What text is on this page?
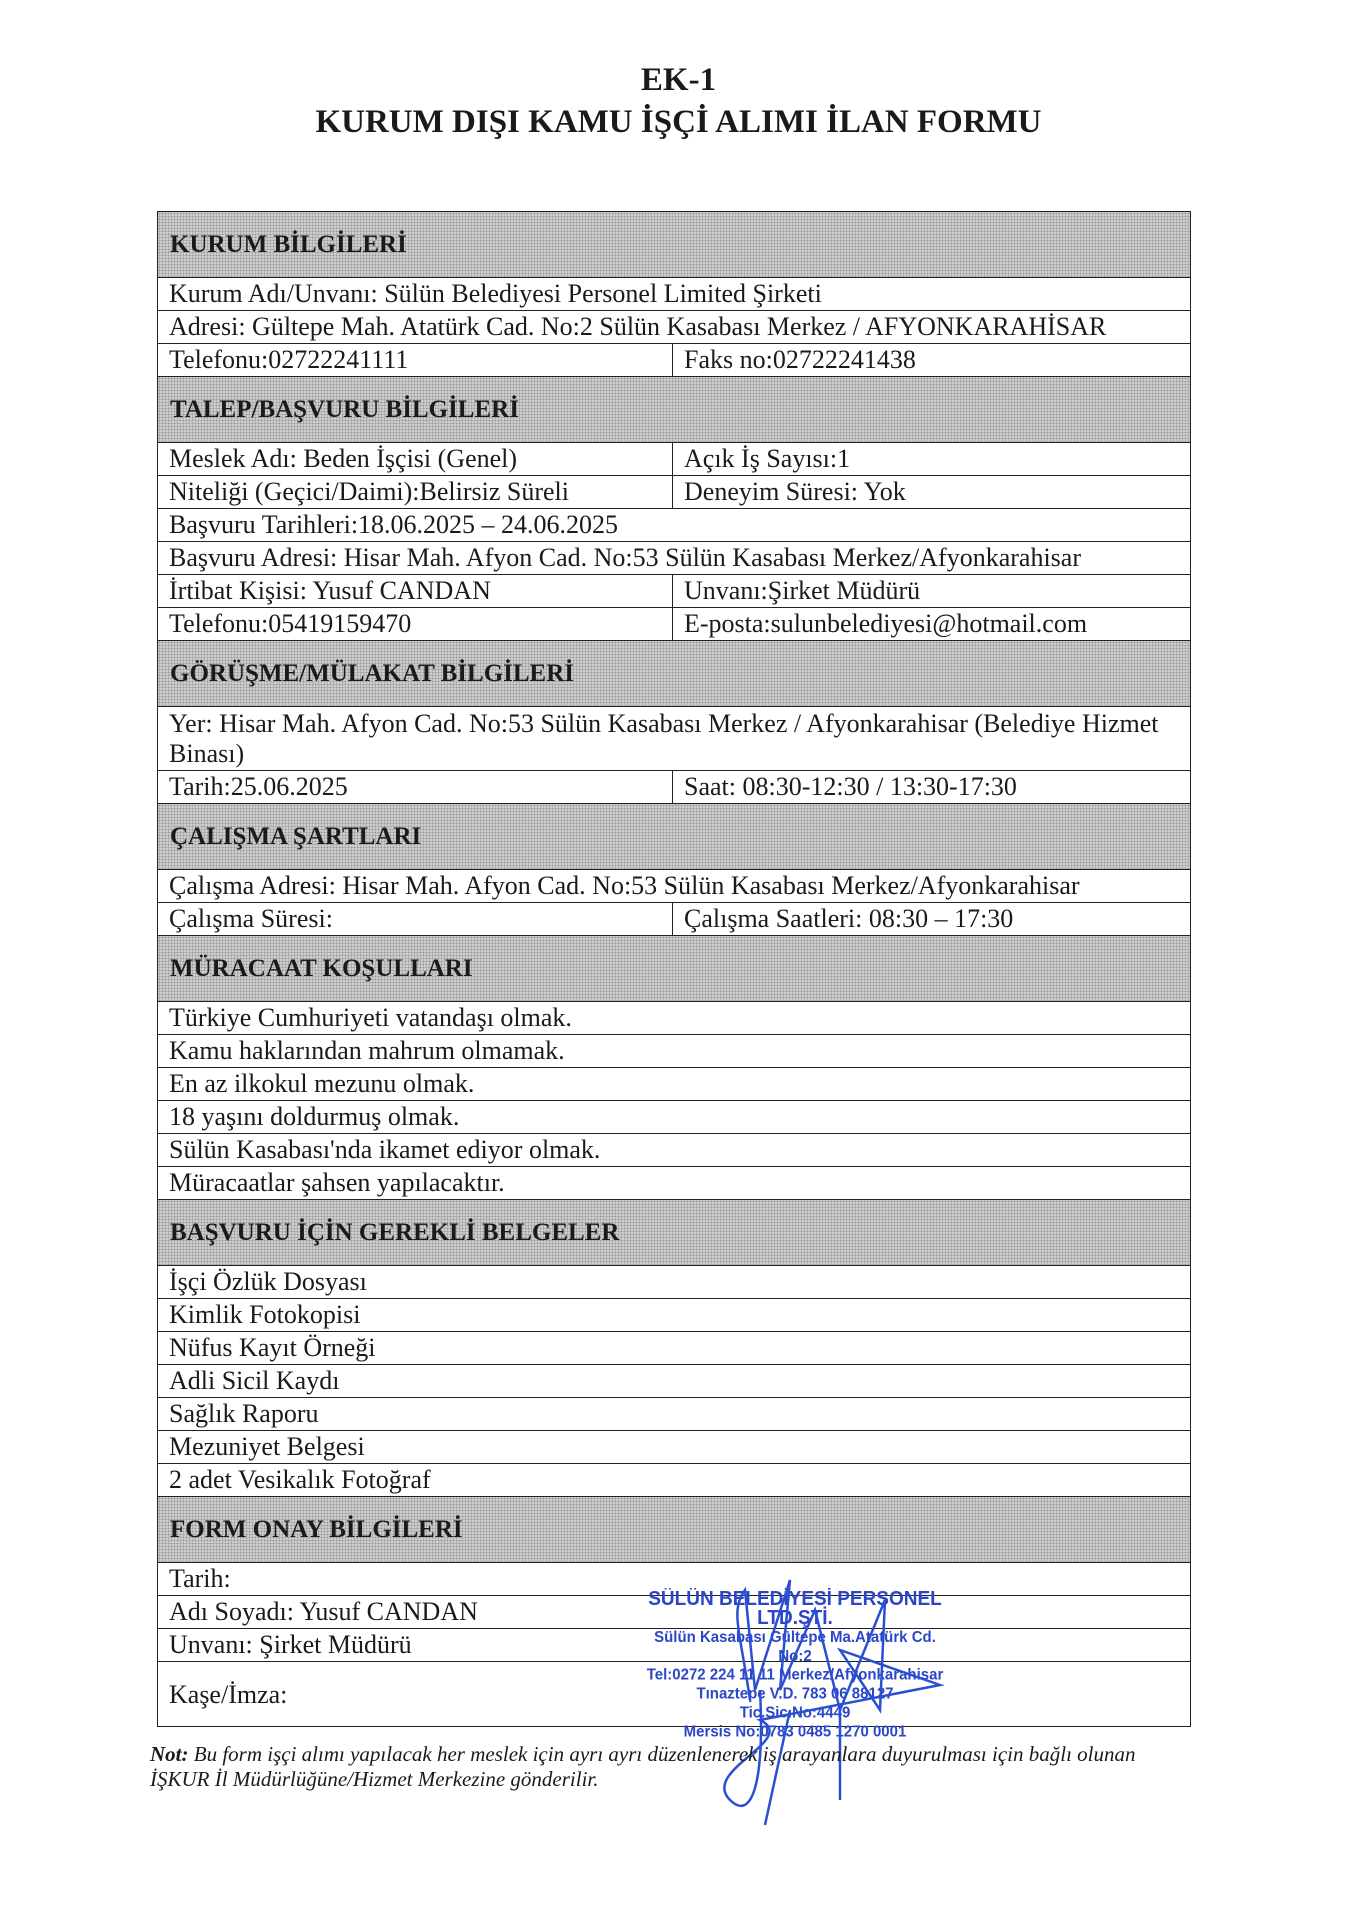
EK-1
KURUM DIŞI KAMU İŞÇİ ALIMI İLAN FORMU
KURUM BİLGİLERİ
Kurum Adı/Unvanı: Sülün Belediyesi Personel Limited Şirketi
Adresi: Gültepe Mah. Atatürk Cad. No:2 Sülün Kasabası Merkez / AFYONKARAHİSAR
Telefonu:02722241111	Faks no:02722241438
TALEP/BAŞVURU BİLGİLERİ
Meslek Adı: Beden İşçisi (Genel)	Açık İş Sayısı:1
Niteliği (Geçici/Daimi):Belirsiz Süreli	Deneyim Süresi: Yok
Başvuru Tarihleri:18.06.2025 – 24.06.2025
Başvuru Adresi: Hisar Mah. Afyon Cad. No:53 Sülün Kasabası Merkez/Afyonkarahisar
İrtibat Kişisi: Yusuf CANDAN	Unvanı:Şirket Müdürü
Telefonu:05419159470	E-posta:sulunbelediyesi@hotmail.com
GÖRÜŞME/MÜLAKAT BİLGİLERİ
Yer: Hisar Mah. Afyon Cad. No:53 Sülün Kasabası Merkez / Afyonkarahisar (Belediye Hizmet Binası)
Tarih:25.06.2025	Saat: 08:30-12:30 / 13:30-17:30
ÇALIŞMA ŞARTLARI
Çalışma Adresi: Hisar Mah. Afyon Cad. No:53 Sülün Kasabası Merkez/Afyonkarahisar
Çalışma Süresi:	Çalışma Saatleri: 08:30 – 17:30
MÜRACAAT KOŞULLARI
Türkiye Cumhuriyeti vatandaşı olmak.
Kamu haklarından mahrum olmamak.
En az ilkokul mezunu olmak.
18 yaşını doldurmuş olmak.
Sülün Kasabası'nda ikamet ediyor olmak.
Müracaatlar şahsen yapılacaktır.
BAŞVURU İÇİN GEREKLİ BELGELER
İşçi Özlük Dosyası
Kimlik Fotokopisi
Nüfus Kayıt Örneği
Adli Sicil Kaydı
Sağlık Raporu
Mezuniyet Belgesi
2 adet Vesikalık Fotoğraf
FORM ONAY BİLGİLERİ
Tarih:
Adı Soyadı: Yusuf CANDAN
Unvanı: Şirket Müdürü
Kaşe/İmza:
SÜLÜN BELEDİYESİ PERSONEL LTD.ŞTİ.
Sülün Kasabası Gültepe Ma.Atatürk Cd. No:2
Tel:0272 224 11 11 Merkez/Afyonkarahisar
Tınaztepe V.D. 783 06 88127 Tic.Sic.No:4449
Mersis No:0783 0485 1270 0001
Not: Bu form işçi alımı yapılacak her meslek için ayrı ayrı düzenlenerek iş arayanlara duyurulması için bağlı olunan İŞKUR İl Müdürlüğüne/Hizmet Merkezine gönderilir.
